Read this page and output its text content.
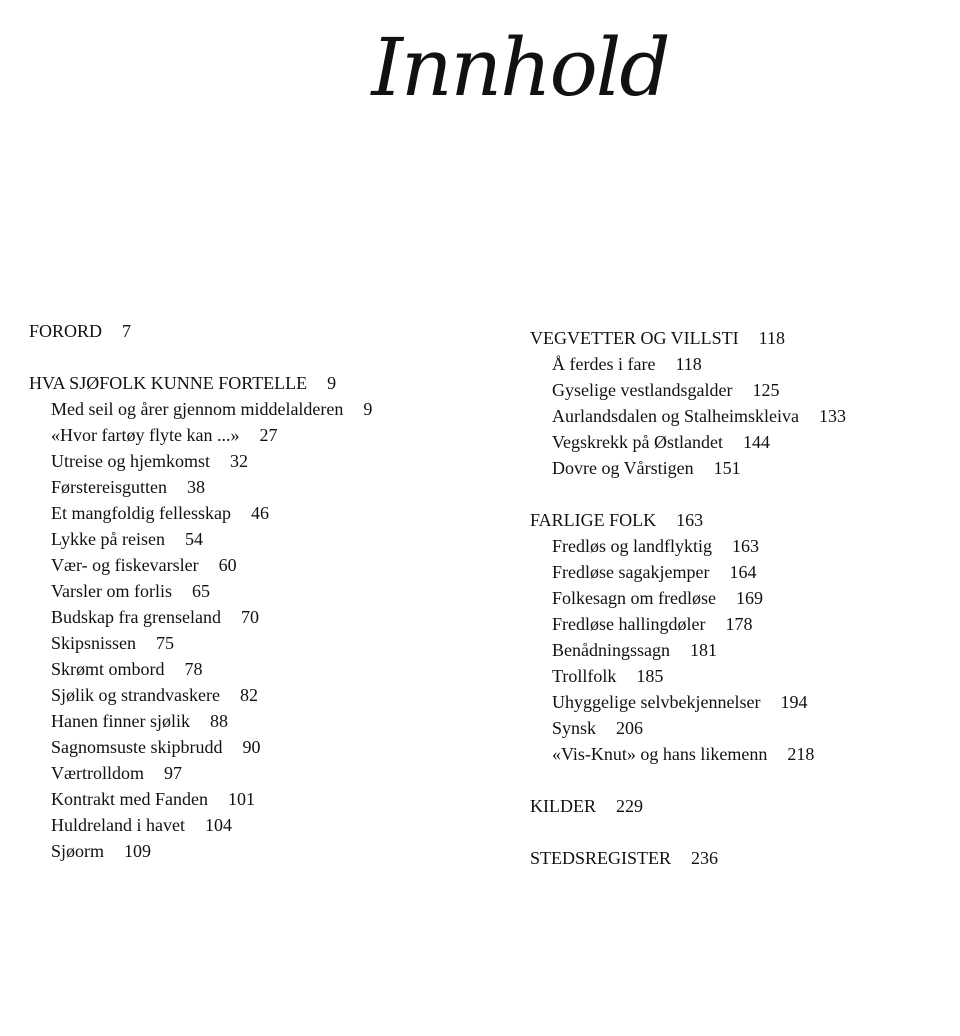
Innhold
FORORD 7
HVA SJØFOLK KUNNE FORTELLE 9
Med seil og årer gjennom middelalderen 9
«Hvor fartøy flyte kan ...» 27
Utreise og hjemkomst 32
Førstereisgutten 38
Et mangfoldig fellesskap 46
Lykke på reisen 54
Vær- og fiskevarsler 60
Varsler om forlis 65
Budskap fra grenseland 70
Skipsnissen 75
Skrømt ombord 78
Sjølik og strandvaskere 82
Hanen finner sjølik 88
Sagnomsuste skipbrudd 90
Værtrolldom 97
Kontrakt med Fanden 101
Huldreland i havet 104
Sjøorm 109
VEGVETTER OG VILLSTI 118
Å ferdes i fare 118
Gyselige vestlandsgalder 125
Aurlandsdalen og Stalheimskleiva 133
Vegskrekk på Østlandet 144
Dovre og Vårstigen 151
FARLIGE FOLK 163
Fredløs og landflyktig 163
Fredløse sagakjemper 164
Folkesagn om fredløse 169
Fredløse hallingdøler 178
Benådningssagn 181
Trollfolk 185
Uhyggelige selvbekjennelser 194
Synsk 206
«Vis-Knut» og hans likemenn 218
KILDER 229
STEDSREGISTER 236
